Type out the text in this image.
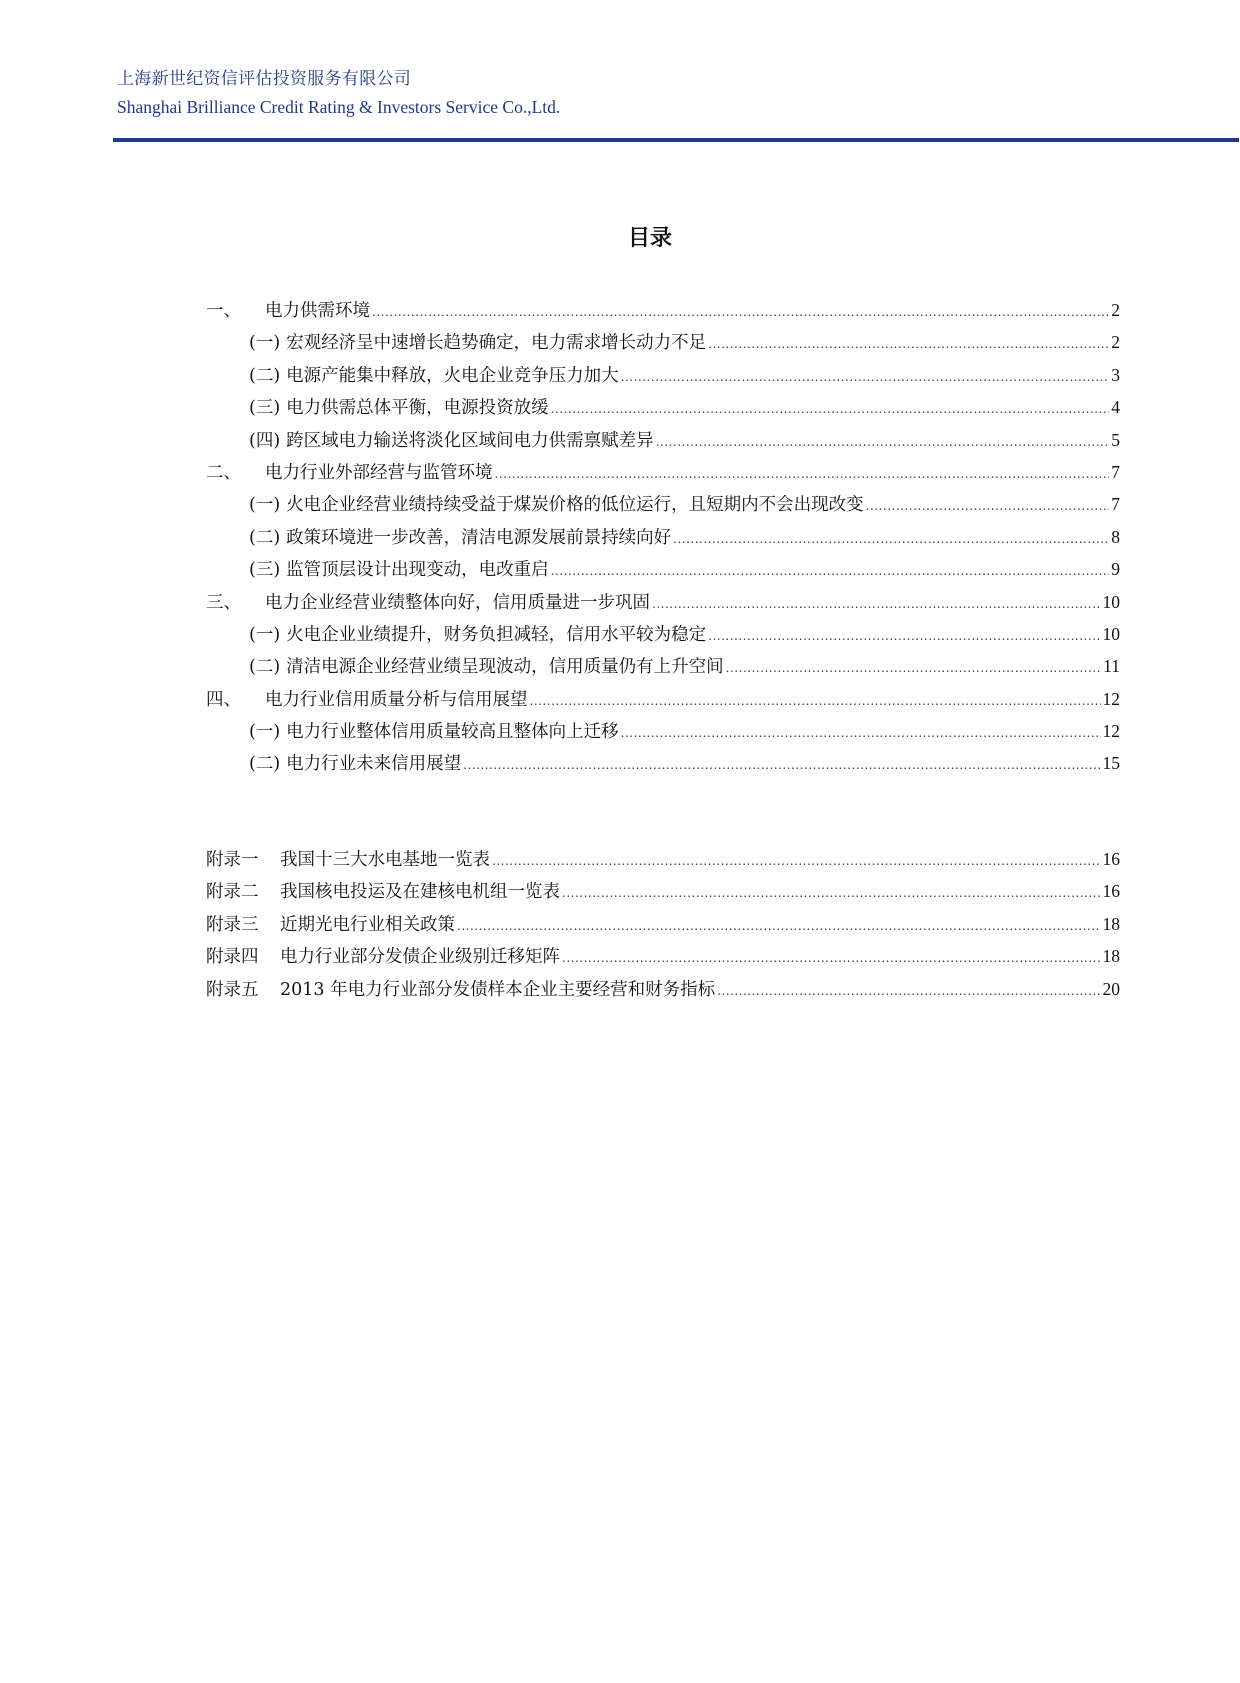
上海新世纪资信评估投资服务有限公司
Shanghai Brilliance Credit Rating & Investors Service Co.,Ltd.
目录
一、	电力供需环境 .....	2
(一) 宏观经济呈中速增长趋势确定，电力需求增长动力不足 .....	2
(二) 电源产能集中释放，火电企业竞争压力加大 .....	3
(三) 电力供需总体平衡，电源投资放缓 .....	4
(四) 跨区域电力输送将淡化区域间电力供需禀赋差异 .....	5
二、	电力行业外部经营与监管环境 .....	7
(一) 火电企业经营业绩持续受益于煤炭价格的低位运行，且短期内不会出现改变 .....	7
(二) 政策环境进一步改善，清洁电源发展前景持续向好 .....	8
(三) 监管顶层设计出现变动，电改重启 .....	9
三、	电力企业经营业绩整体向好，信用质量进一步巩固 .....	10
(一) 火电企业业绩提升，财务负担减轻，信用水平较为稳定 .....	10
(二) 清洁电源企业经营业绩呈现波动，信用质量仍有上升空间 .....	11
四、	电力行业信用质量分析与信用展望 .....	12
(一) 电力行业整体信用质量较高且整体向上迁移 .....	12
(二) 电力行业未来信用展望 .....	15
附录一	我国十三大水电基地一览表 .....	16
附录二	我国核电投运及在建核电机组一览表 .....	16
附录三	近期光电行业相关政策 .....	18
附录四	电力行业部分发债企业级别迁移矩阵 .....	18
附录五	2013 年电力行业部分发债样本企业主要经营和财务指标 .....	20
